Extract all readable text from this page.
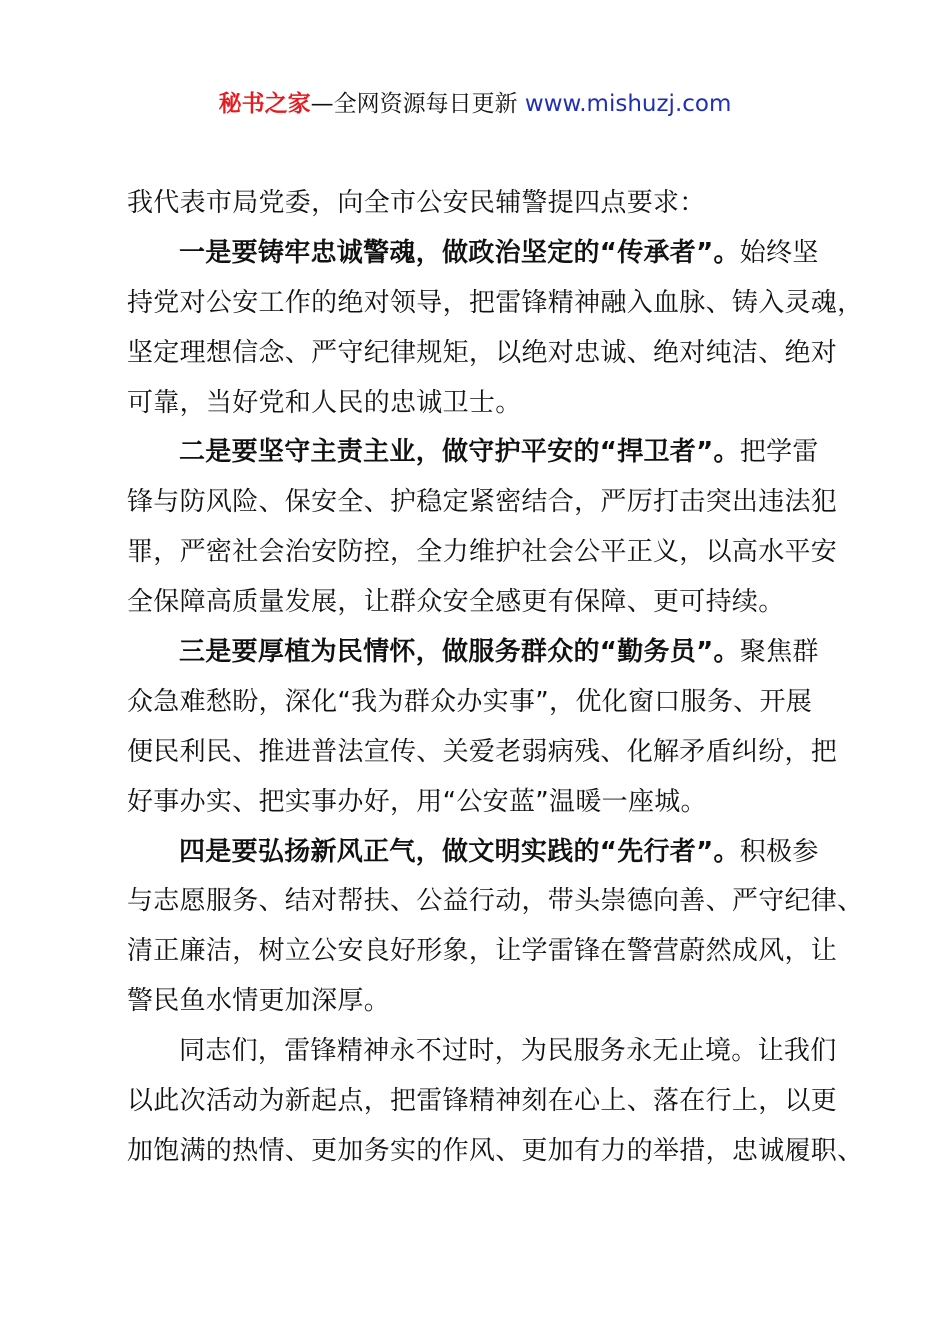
秘书之家—全网资源每日更新 www.mishuzj.com
我代表市局党委，向全市公安民辅警提四点要求：
一是要铸牢忠诚警魂，做政治坚定的“传承者”。始终坚
持党对公安工作的绝对领导，把雷锋精神融入血脉、铸入灵魂，
坚定理想信念、严守纪律规矩，以绝对忠诚、绝对纯洁、绝对
可靠，当好党和人民的忠诚卫士。
二是要坚守主责主业，做守护平安的“捍卫者”。把学雷
锋与防风险、保安全、护稳定紧密结合，严厉打击突出违法犯
罪，严密社会治安防控，全力维护社会公平正义，以高水平安
全保障高质量发展，让群众安全感更有保障、更可持续。
三是要厚植为民情怀，做服务群众的“勤务员”。聚焦群
众急难愁盼，深化“我为群众办实事”，优化窗口服务、开展
便民利民、推进普法宣传、关爱老弱病残、化解矛盾纠纷，把
好事办实、把实事办好，用“公安蓝”温暖一座城。
四是要弘扬新风正气，做文明实践的“先行者”。积极参
与志愿服务、结对帮扶、公益行动，带头崇德向善、严守纪律、
清正廉洁，树立公安良好形象，让学雷锋在警营蔚然成风，让
警民鱼水情更加深厚。
同志们，雷锋精神永不过时，为民服务永无止境。让我们
以此次活动为新起点，把雷锋精神刻在心上、落在行上，以更
加饱满的热情、更加务实的作风、更加有力的举措，忠诚履职、
